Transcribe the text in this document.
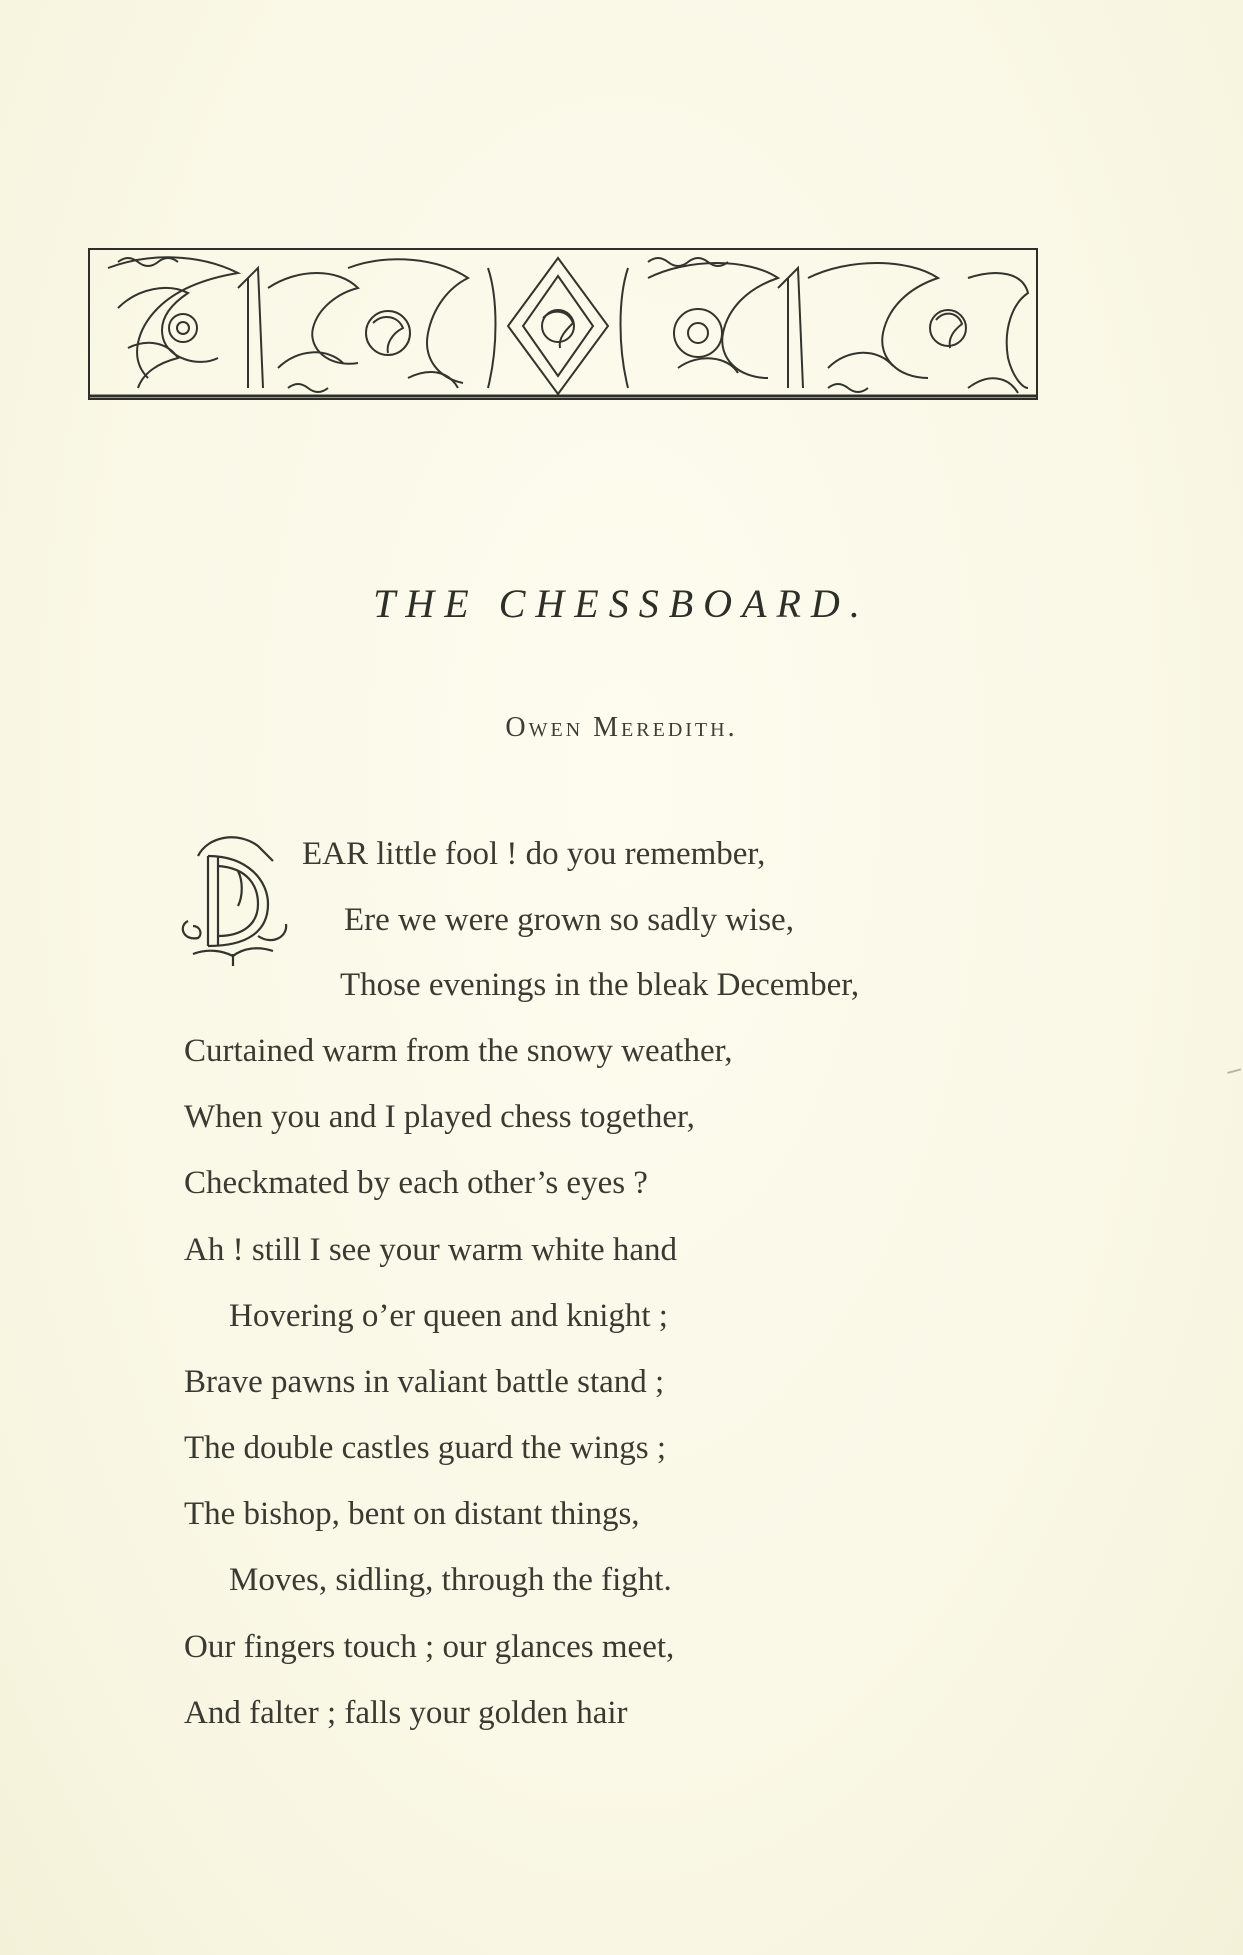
THE CHESSBOARD.
Owen Meredith.
EAR little fool ! do you remember,
Ere we were grown so sadly wise,
Those evenings in the bleak December,
Curtained warm from the snowy weather,
When you and I played chess together,
Checkmated by each other’s eyes ?
Ah ! still I see your warm white hand
Hovering o’er queen and knight ;
Brave pawns in valiant battle stand ;
The double castles guard the wings ;
The bishop, bent on distant things,
Moves, sidling, through the fight.
Our fingers touch ; our glances meet,
And falter ; falls your golden hair
